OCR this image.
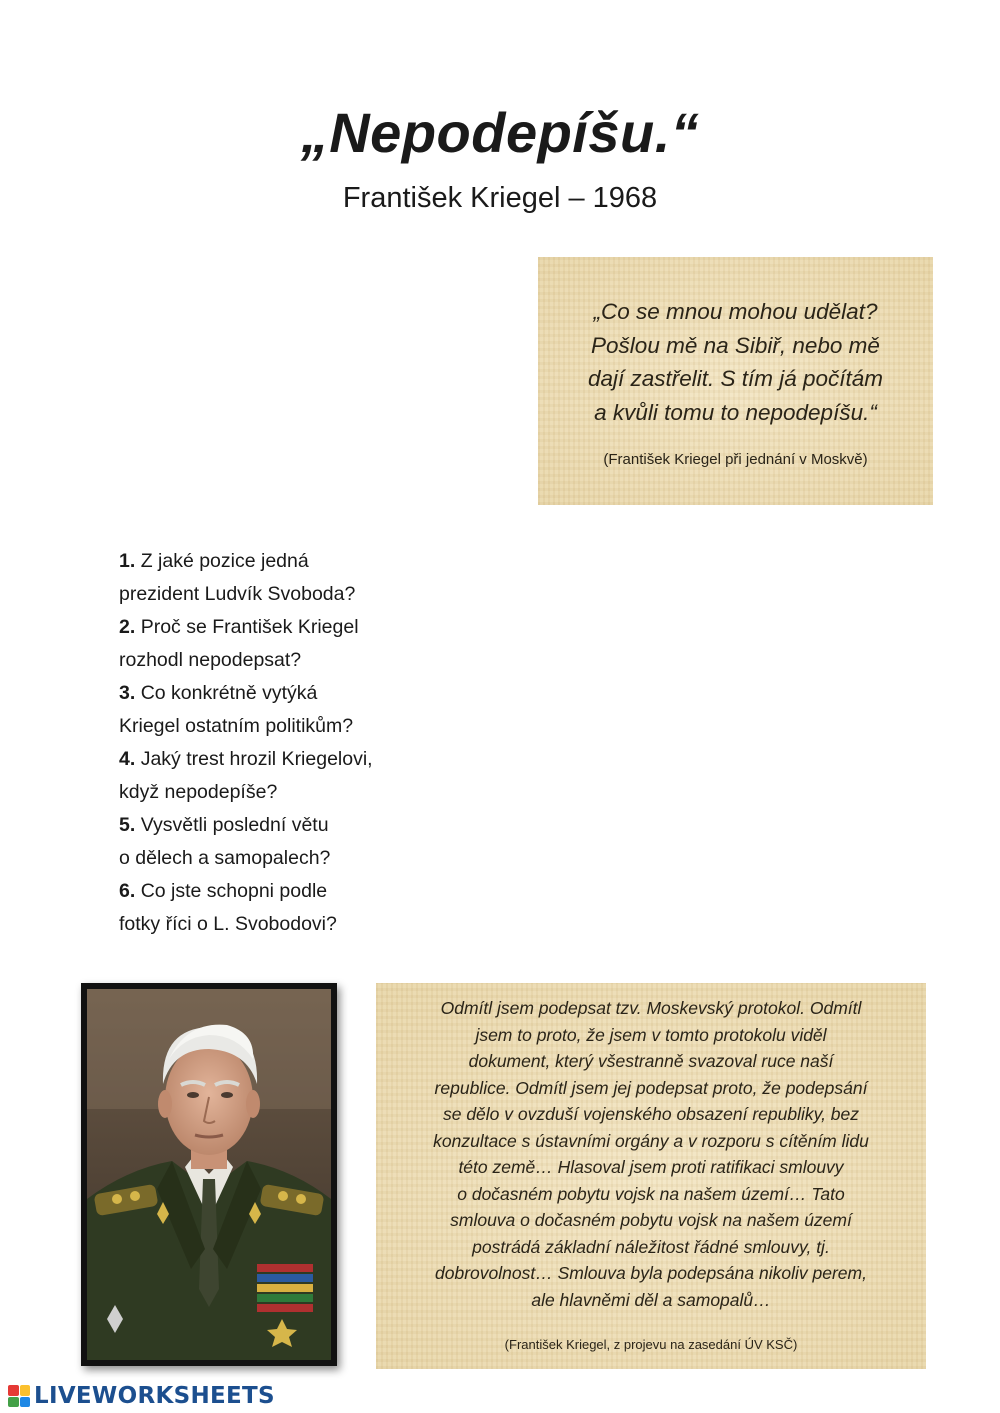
„Nepodepíšu.“
František Kriegel – 1968
„Co se mnou mohou udělat?
Pošlou mě na Sibiř, nebo mě
dají zastřelit. S tím já počítám
a kvůli tomu to nepodepíšu.“
(František Kriegel při jednání v Moskvě)
1. Z jaké pozice jedná
prezident Ludvík Svoboda?
2. Proč se František Kriegel
rozhodl nepodepsat?
3. Co konkrétně vytýká
Kriegel ostatním politikům?
4. Jaký trest hrozil Kriegelovi,
když nepodepíše?
5. Vysvětli poslední větu
o dělech a samopalech?
6. Co jste schopni podle
fotky říci o L. Svobodovi?
Odmítl jsem podepsat tzv. Moskevský protokol. Odmítl
jsem to proto, že jsem v tomto protokolu viděl
dokument, který všestranně svazoval ruce naší
republice. Odmítl jsem jej podepsat proto, že podepsání
se dělo v ovzduší vojenského obsazení republiky, bez
konzultace s ústavními orgány a v rozporu s cítěním lidu
této země… Hlasoval jsem proti ratifikaci smlouvy
o dočasném pobytu vojsk na našem území… Tato
smlouva o dočasném pobytu vojsk na našem území
postrádá základní náležitost řádné smlouvy, tj.
dobrovolnost… Smlouva byla podepsána nikoliv perem,
ale hlavněmi děl a samopalů…
(František Kriegel, z projevu na zasedání ÚV KSČ)
LIVEWORKSHEETS
